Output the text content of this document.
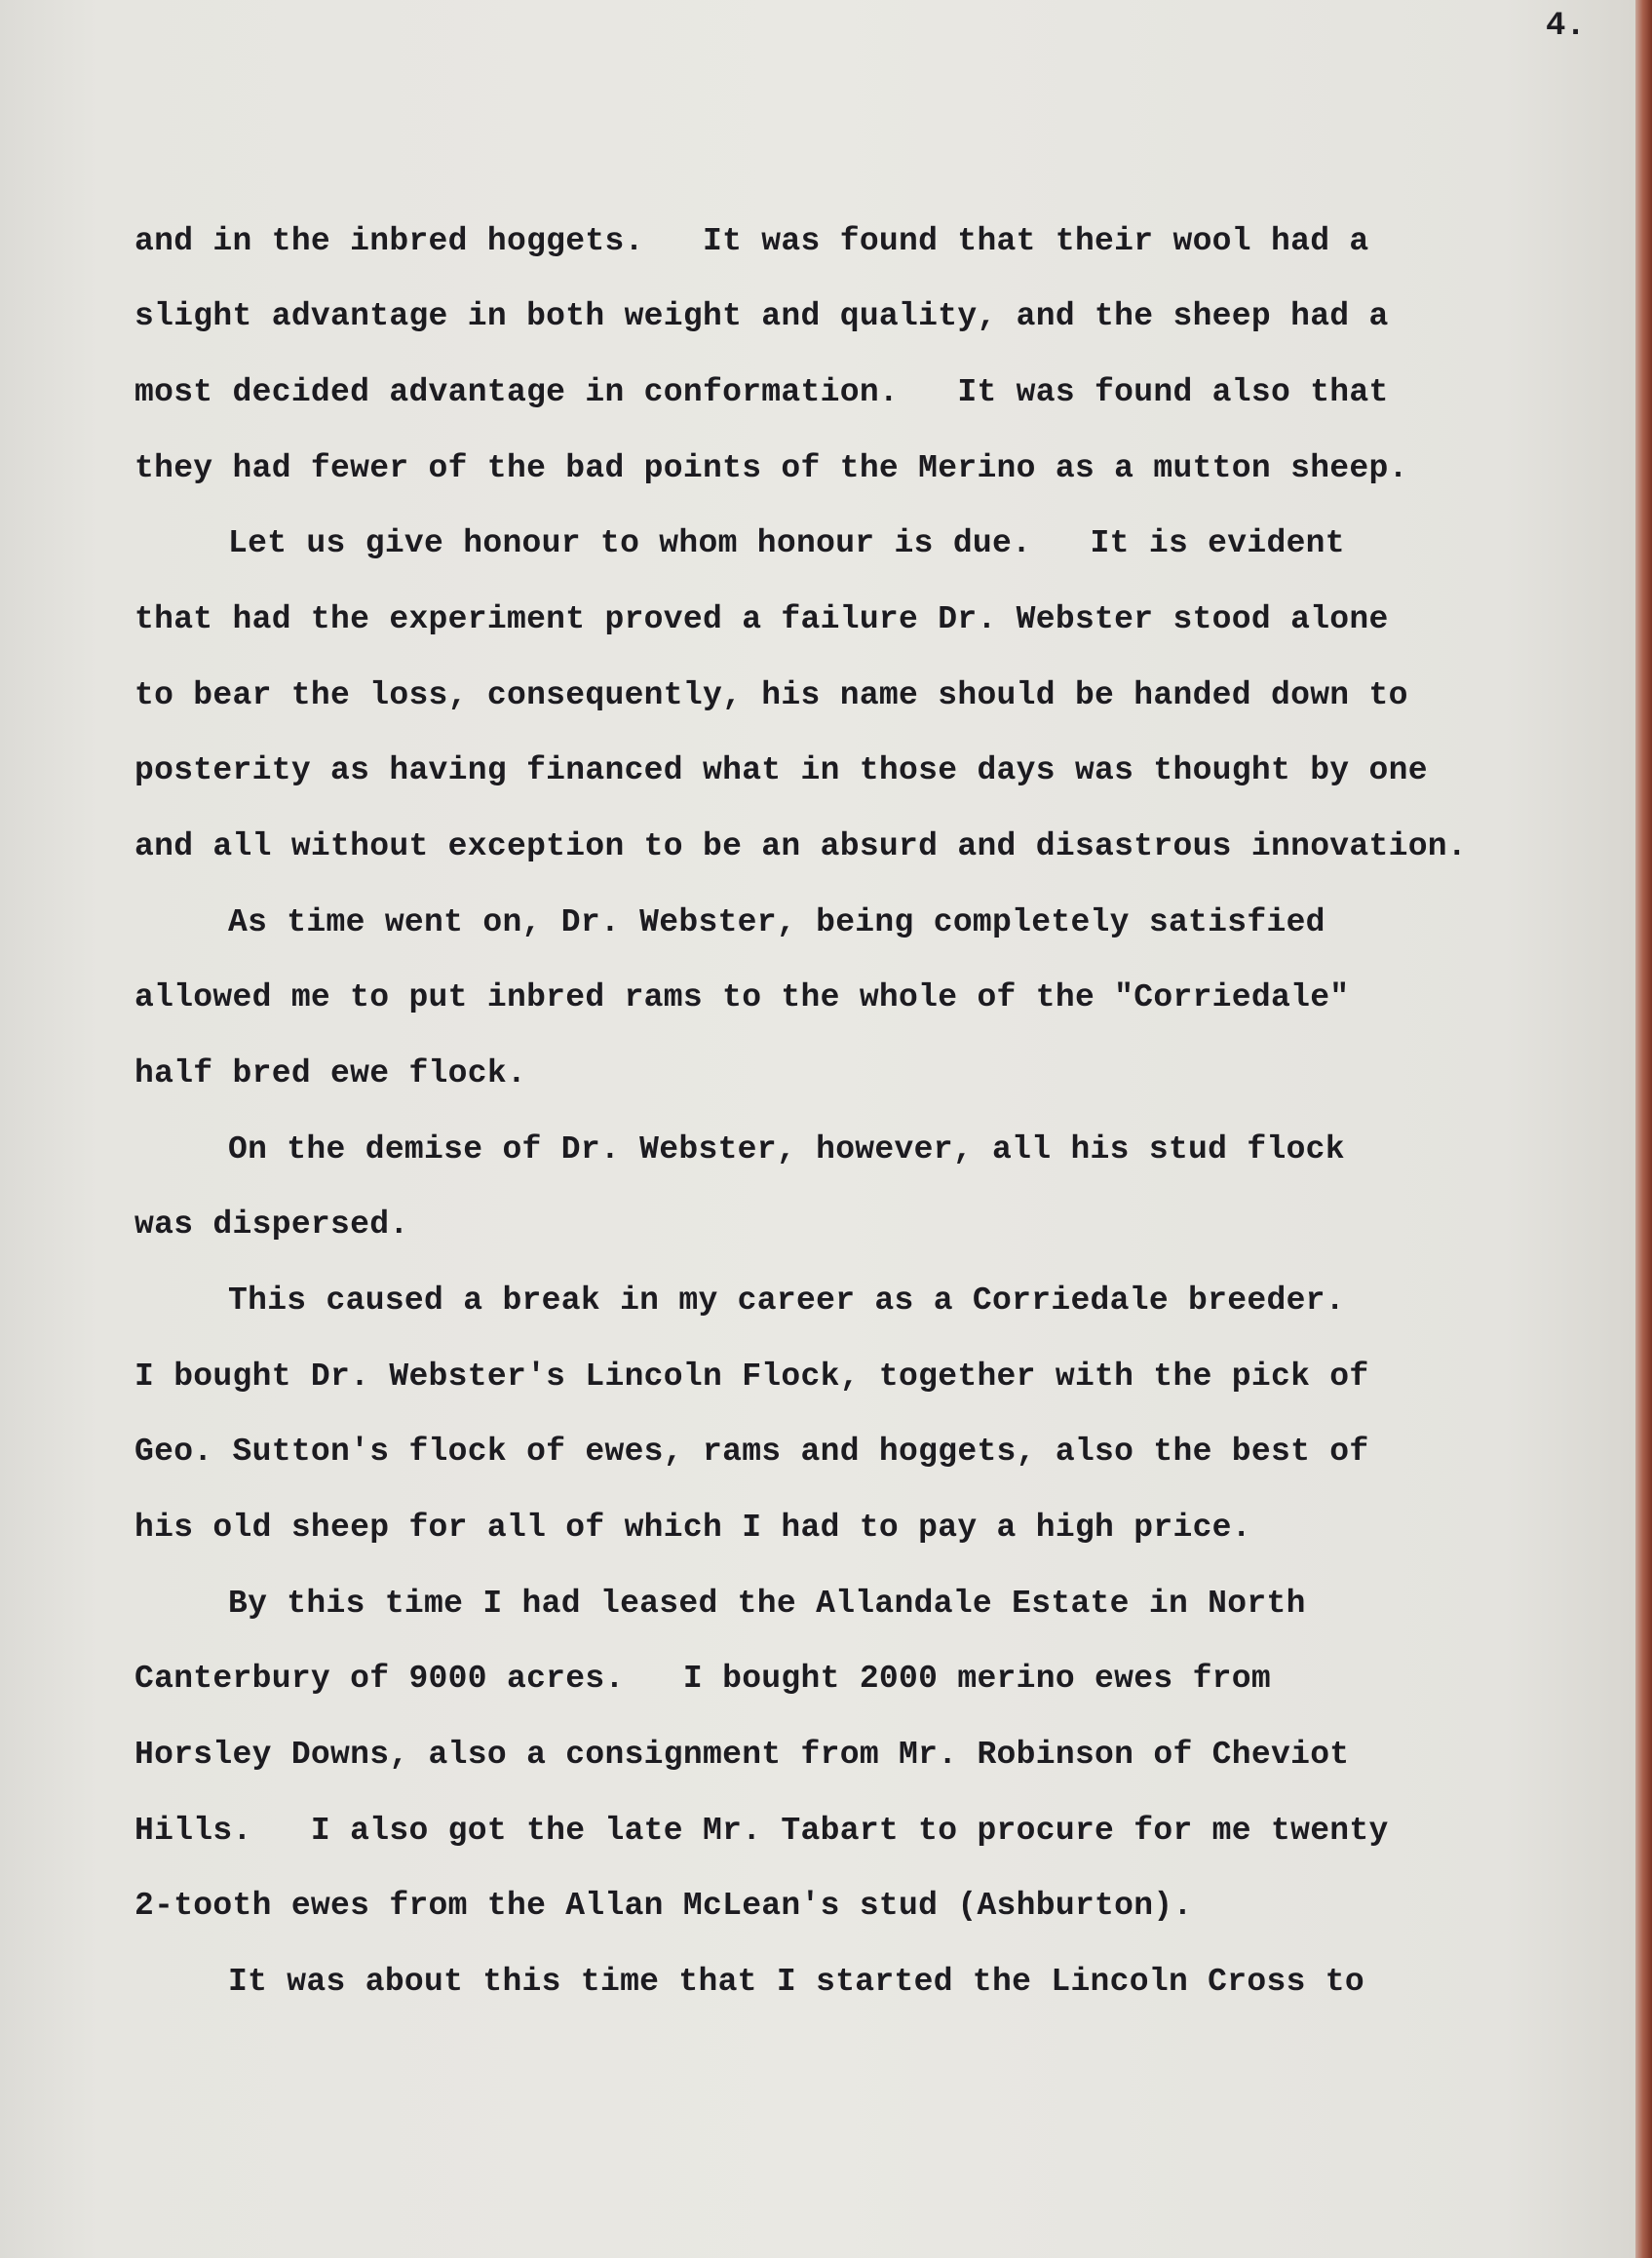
4.
and in the inbred hoggets.   It was found that their wool had a
slight advantage in both weight and quality, and the sheep had a
most decided advantage in conformation.   It was found also that
they had fewer of the bad points of the Merino as a mutton sheep.
Let us give honour to whom honour is due.   It is evident
that had the experiment proved a failure Dr. Webster stood alone
to bear the loss, consequently, his name should be handed down to
posterity as having financed what in those days was thought by one
and all without exception to be an absurd and disastrous innovation.
As time went on, Dr. Webster, being completely satisfied
allowed me to put inbred rams to the whole of the "Corriedale"
half bred ewe flock.
On the demise of Dr. Webster, however, all his stud flock
was dispersed.
This caused a break in my career as a Corriedale breeder.
I bought Dr. Webster's Lincoln Flock, together with the pick of
Geo. Sutton's flock of ewes, rams and hoggets, also the best of
his old sheep for all of which I had to pay a high price.
By this time I had leased the Allandale Estate in North
Canterbury of 9000 acres.   I bought 2000 merino ewes from
Horsley Downs, also a consignment from Mr. Robinson of Cheviot
Hills.   I also got the late Mr. Tabart to procure for me twenty
2-tooth ewes from the Allan McLean's stud (Ashburton).
It was about this time that I started the Lincoln Cross to
